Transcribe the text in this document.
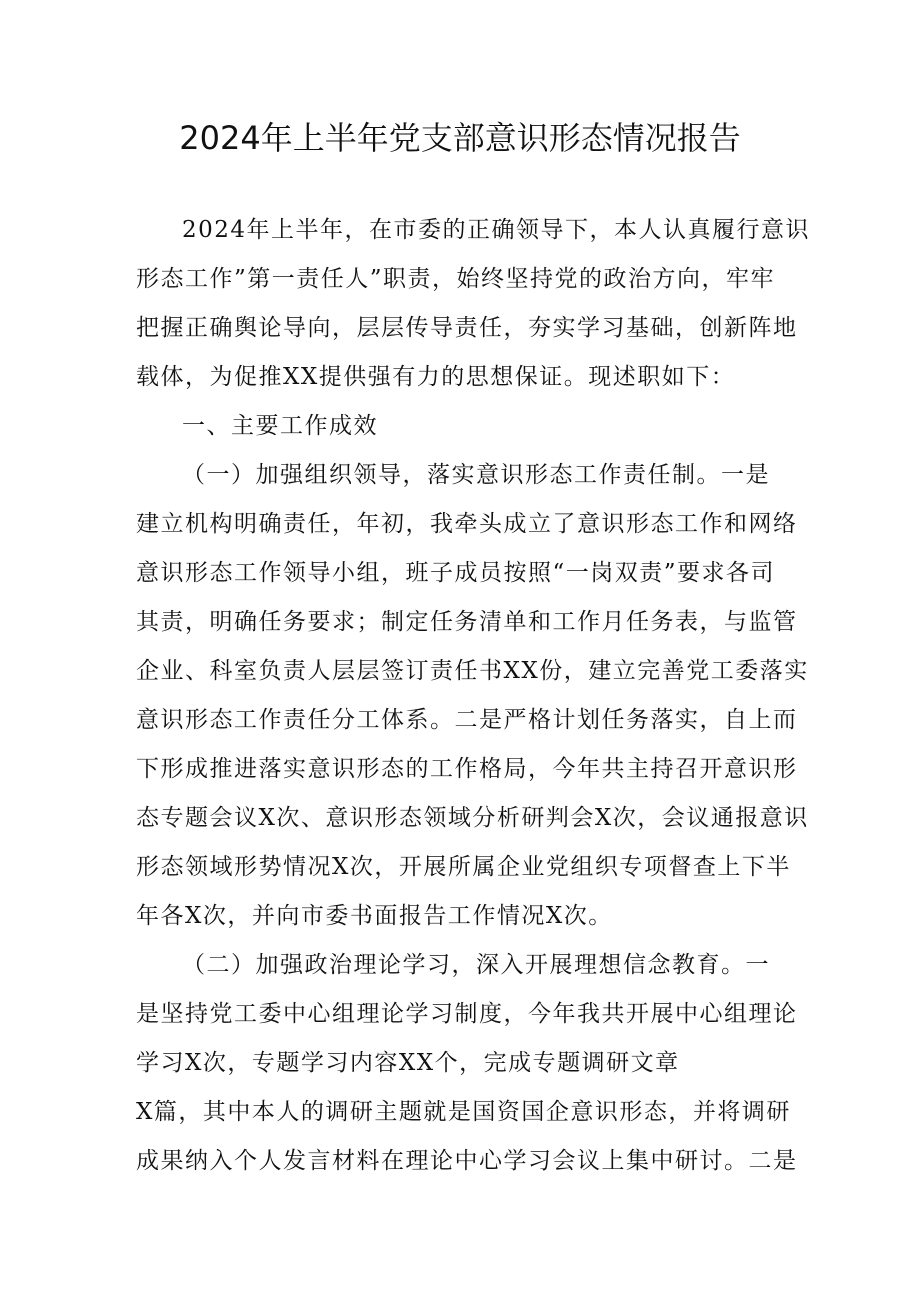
2024年上半年党支部意识形态情况报告
2024年上半年，在市委的正确领导下，本人认真履行意识
形态工作”第一责任人”职责，始终坚持党的政治方向，牢牢
把握正确舆论导向，层层传导责任，夯实学习基础，创新阵地
载体，为促推XX提供强有力的思想保证。现述职如下：
一、主要工作成效
（一）加强组织领导，落实意识形态工作责任制。一是
建立机构明确责任，年初，我牵头成立了意识形态工作和网络
意识形态工作领导小组，班子成员按照“一岗双责”要求各司
其责，明确任务要求；制定任务清单和工作月任务表，与监管
企业、科室负责人层层签订责任书XX份，建立完善党工委落实
意识形态工作责任分工体系。二是严格计划任务落实，自上而
下形成推进落实意识形态的工作格局，今年共主持召开意识形
态专题会议X次、意识形态领域分析研判会X次，会议通报意识
形态领域形势情况X次，开展所属企业党组织专项督查上下半
年各X次，并向市委书面报告工作情况X次。
（二）加强政治理论学习，深入开展理想信念教育。一
是坚持党工委中心组理论学习制度，今年我共开展中心组理论
学习X次，专题学习内容XX个，完成专题调研文章
X篇，其中本人的调研主题就是国资国企意识形态，并将调研
成果纳入个人发言材料在理论中心学习会议上集中研讨。二是
